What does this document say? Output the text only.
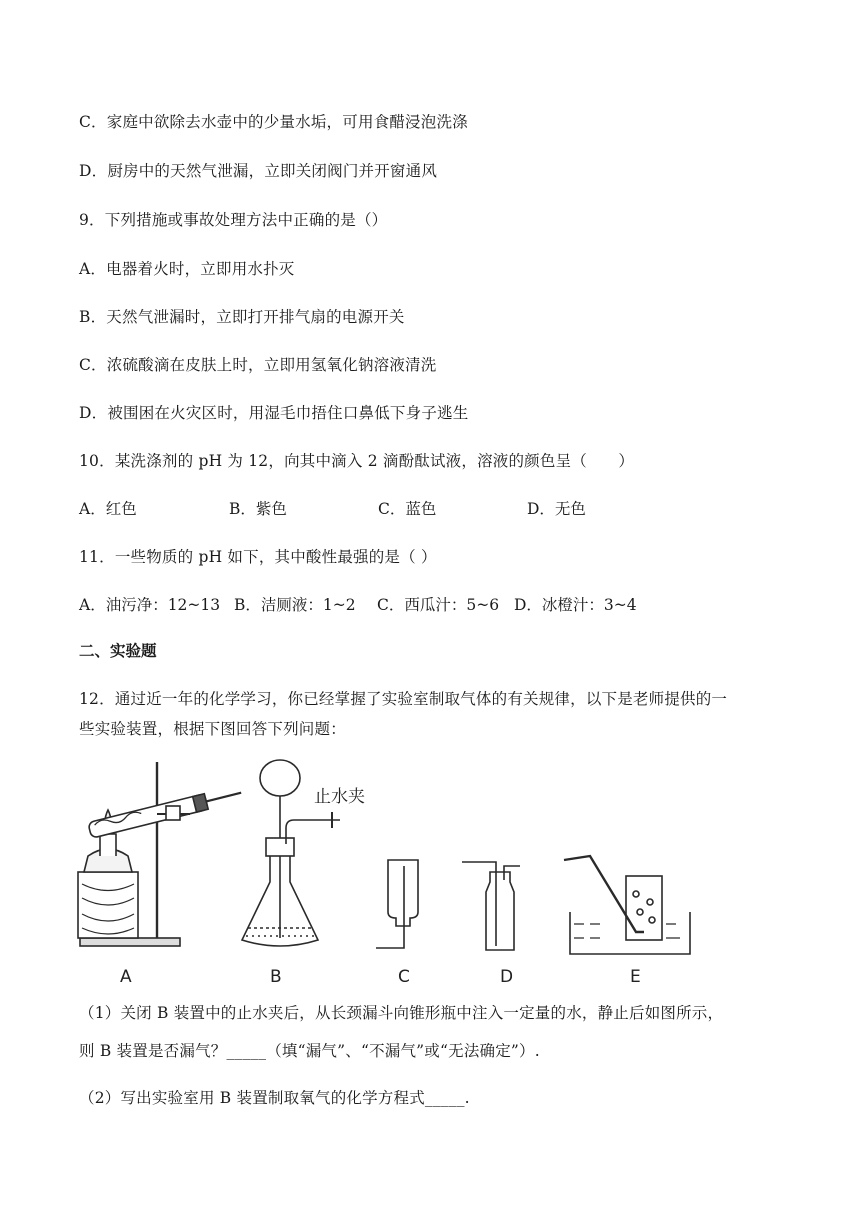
C．家庭中欲除去水壶中的少量水垢，可用食醋浸泡洗涤
D．厨房中的天然气泄漏，立即关闭阀门并开窗通风
9．下列措施或事故处理方法中正确的是（）
A．电器着火时，立即用水扑灭
B．天然气泄漏时，立即打开排气扇的电源开关
C．浓硫酸滴在皮肤上时，立即用氢氧化钠溶液清洗
D．被围困在火灾区时，用湿毛巾捂住口鼻低下身子逃生
10．某洗涤剂的 pH 为 12，向其中滴入 2 滴酚酞试液，溶液的颜色呈（　　）
A．红色	B．紫色	C．蓝色	D．无色
11．一些物质的 pH 如下，其中酸性最强的是（ ）
A．油污净：12~13 B．洁厕液：1~2 C．西瓜汁：5~6 D．冰橙汁：3~4
二、实验题
12．通过近一年的化学学习，你已经掌握了实验室制取气体的有关规律，以下是老师提供的一
些实验装置，根据下图回答下列问题：
A
止水夹
B	C	D	E
（1）关闭 B 装置中的止水夹后，从长颈漏斗向锥形瓶中注入一定量的水，静止后如图所示，
则 B 装置是否漏气？_____（填“漏气”、“不漏气”或“无法确定”）.
（2）写出实验室用 B 装置制取氧气的化学方程式_____.
